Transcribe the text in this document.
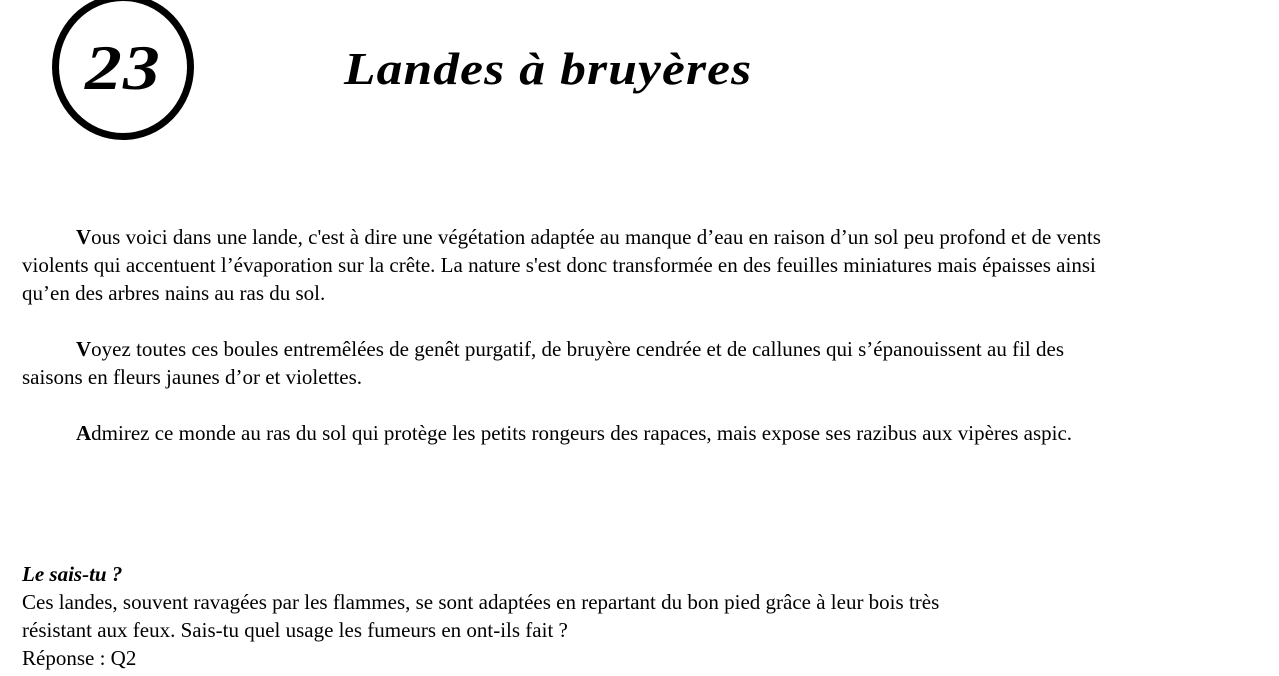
23	Landes à bruyères

Vous voici dans une lande, c'est à dire une végétation adaptée au manque d’eau en raison d’un sol peu profond et de vents violents qui accentuent l’évaporation sur la crête. La nature s'est donc transformée en des feuilles miniatures mais épaisses ainsi qu’en des arbres nains au ras du sol.

Voyez toutes ces boules entremêlées de genêt purgatif, de bruyère cendrée et de callunes qui s’épanouissent au fil des saisons en fleurs jaunes d’or et violettes.

Admirez ce monde au ras du sol qui protège les petits rongeurs des rapaces, mais expose ses razibus aux vipères aspic.

Le sais-tu ?
Ces landes, souvent ravagées par les flammes, se sont adaptées en repartant du bon pied grâce à leur bois très
résistant aux feux. Sais-tu quel usage les fumeurs en ont-ils fait ?
Réponse : Q2
